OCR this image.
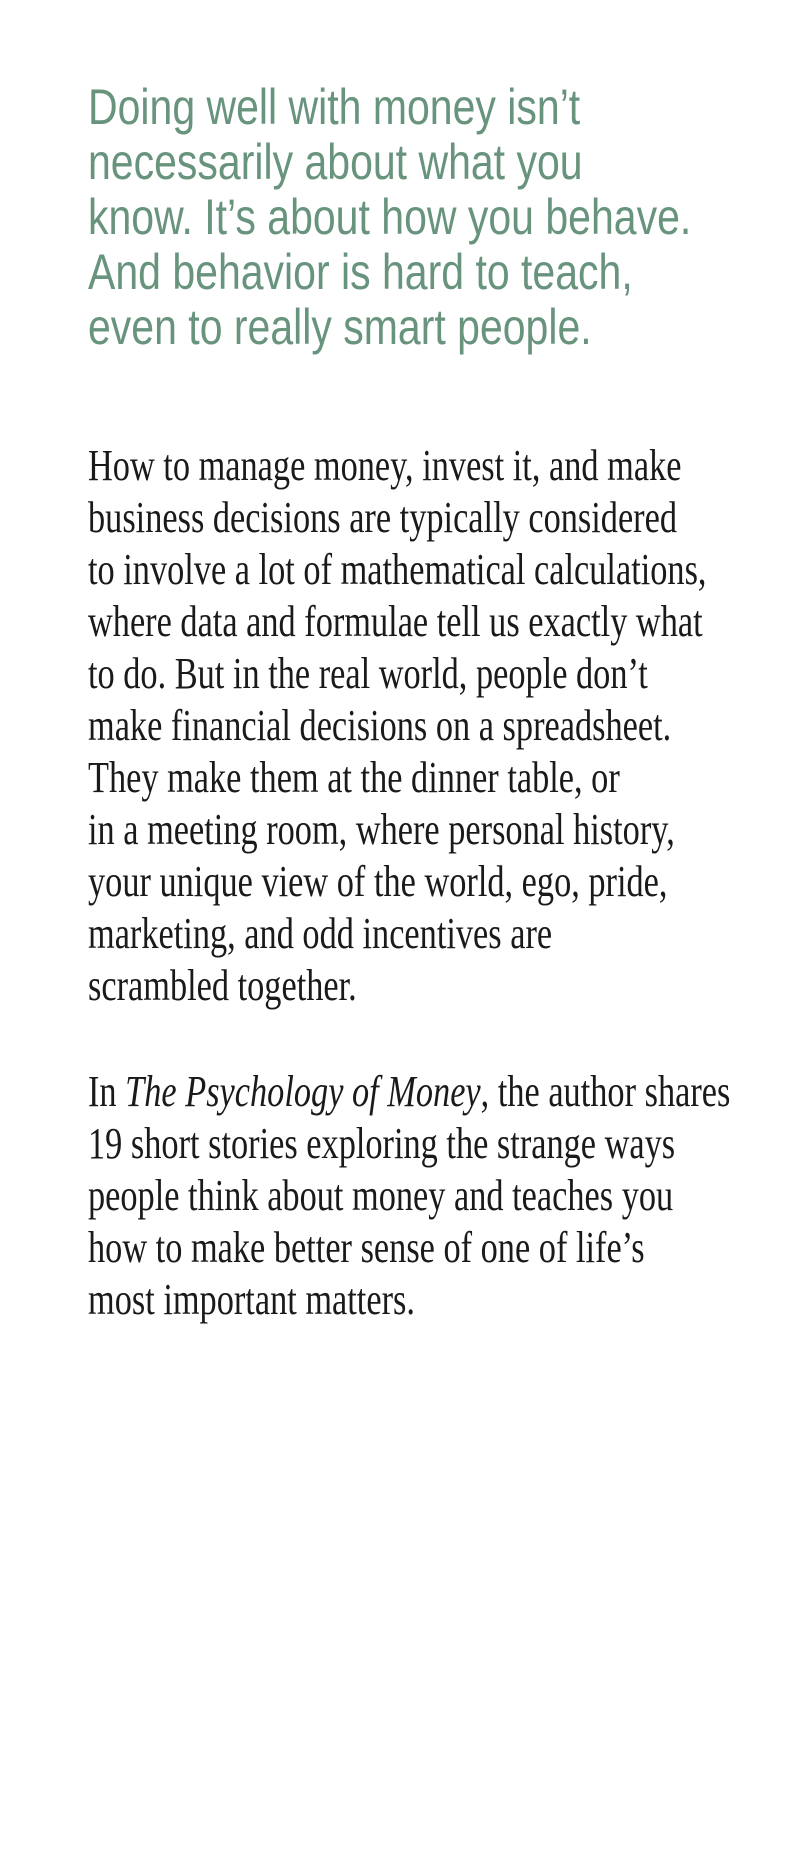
Doing well with money isn’t
necessarily about what you
know. It’s about how you behave.
And behavior is hard to teach,
even to really smart people.
How to manage money, invest it, and make
business decisions are typically considered
to involve a lot of mathematical calculations,
where data and formulae tell us exactly what
to do. But in the real world, people don’t
make financial decisions on a spreadsheet.
They make them at the dinner table, or
in a meeting room, where personal history,
your unique view of the world, ego, pride,
marketing, and odd incentives are
scrambled together.
In The Psychology of Money, the author shares
19 short stories exploring the strange ways
people think about money and teaches you
how to make better sense of one of life’s
most important matters.
